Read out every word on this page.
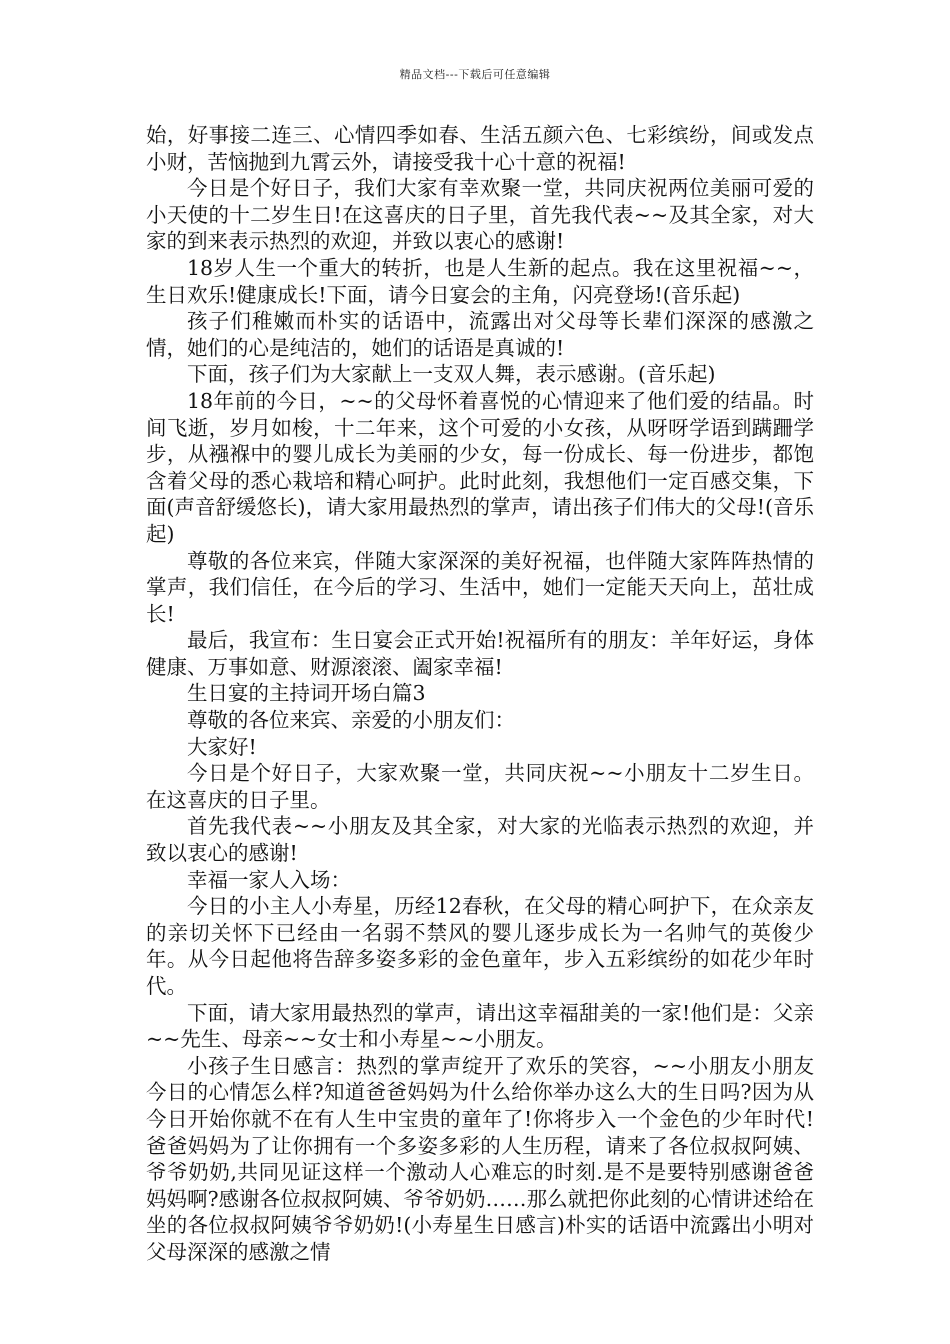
精品文档---下载后可任意编辑

始，好事接二连三、心情四季如春、生活五颜六色、七彩缤纷，间或发点小财，苦恼抛到九霄云外，请接受我十心十意的祝福!

今日是个好日子，我们大家有幸欢聚一堂，共同庆祝两位美丽可爱的小天使的十二岁生日!在这喜庆的日子里，首先我代表~~及其全家，对大家的到来表示热烈的欢迎，并致以衷心的感谢!

18岁人生一个重大的转折，也是人生新的起点。我在这里祝福~~，生日欢乐!健康成长!下面，请今日宴会的主角，闪亮登场!(音乐起)

孩子们稚嫩而朴实的话语中，流露出对父母等长辈们深深的感激之情，她们的心是纯洁的，她们的话语是真诚的!

下面，孩子们为大家献上一支双人舞，表示感谢。(音乐起)

18年前的今日，~~的父母怀着喜悦的心情迎来了他们爱的结晶。时间飞逝，岁月如梭，十二年来，这个可爱的小女孩，从呀呀学语到蹒跚学步，从襁褓中的婴儿成长为美丽的少女，每一份成长、每一份进步，都饱含着父母的悉心栽培和精心呵护。此时此刻，我想他们一定百感交集，下面(声音舒缓悠长)，请大家用最热烈的掌声，请出孩子们伟大的父母!(音乐起)

尊敬的各位来宾，伴随大家深深的美好祝福，也伴随大家阵阵热情的掌声，我们信任，在今后的学习、生活中，她们一定能天天向上，茁壮成长!

最后，我宣布：生日宴会正式开始!祝福所有的朋友：羊年好运，身体健康、万事如意、财源滚滚、阖家幸福!

生日宴的主持词开场白篇3

尊敬的各位来宾、亲爱的小朋友们：

大家好!

今日是个好日子，大家欢聚一堂，共同庆祝~~小朋友十二岁生日。在这喜庆的日子里。

首先我代表~~小朋友及其全家，对大家的光临表示热烈的欢迎，并致以衷心的感谢!

幸福一家人入场：

今日的小主人小寿星，历经12春秋，在父母的精心呵护下，在众亲友的亲切关怀下已经由一名弱不禁风的婴儿逐步成长为一名帅气的英俊少年。从今日起他将告辞多姿多彩的金色童年，步入五彩缤纷的如花少年时代。

下面，请大家用最热烈的掌声，请出这幸福甜美的一家!他们是：父亲~~先生、母亲~~女士和小寿星~~小朋友。

小孩子生日感言：热烈的掌声绽开了欢乐的笑容，~~小朋友小朋友今日的心情怎么样?知道爸爸妈妈为什么给你举办这么大的生日吗?因为从今日开始你就不在有人生中宝贵的童年了!你将步入一个金色的少年时代!爸爸妈妈为了让你拥有一个多姿多彩的人生历程，请来了各位叔叔阿姨、爷爷奶奶,共同见证这样一个激动人心难忘的时刻.是不是要特别感谢爸爸妈妈啊?感谢各位叔叔阿姨、爷爷奶奶……那么就把你此刻的心情讲述给在坐的各位叔叔阿姨爷爷奶奶!(小寿星生日感言)朴实的话语中流露出小明对父母深深的感激之情
